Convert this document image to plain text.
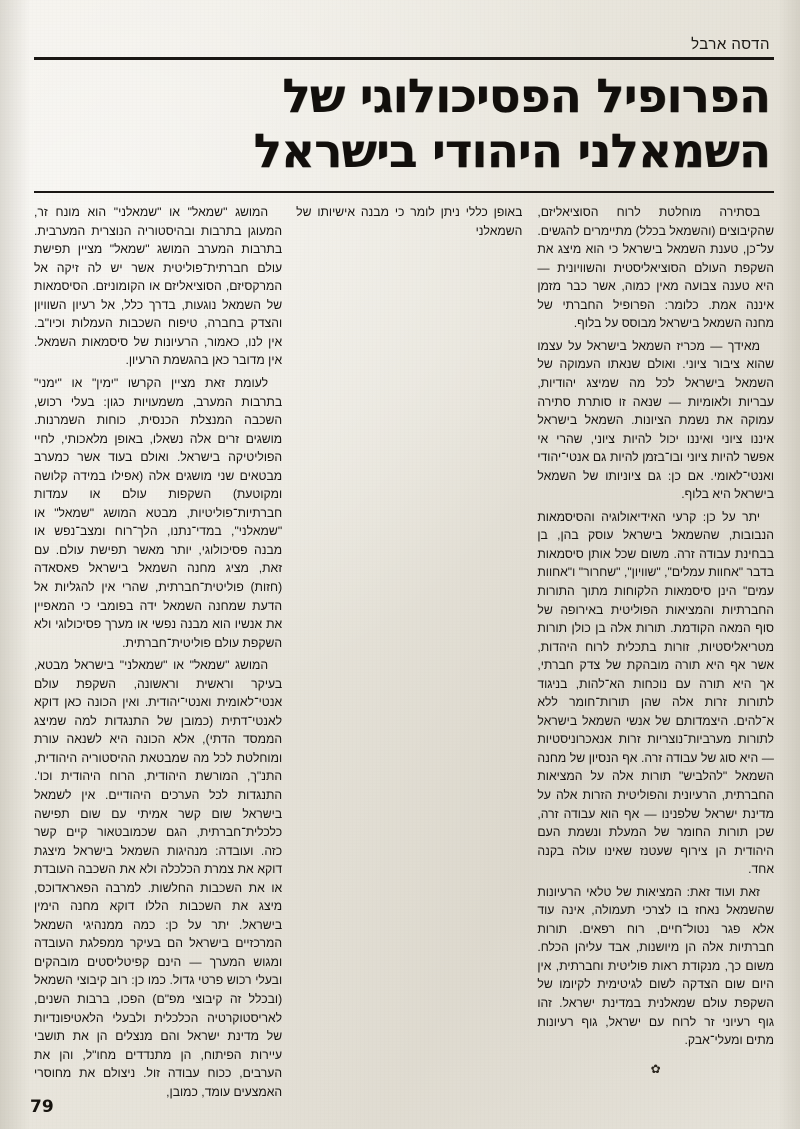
הדסה ארבל
הפרופיל הפסיכולוגי של
השמאלני היהודי בישראל

בסתירה מוחלטת לרוח הסוציאליזם, שהקיבוצים (והשמאל בכלל) מתיימרים להגשים. על־כן, טענת השמאל בישראל כי הוא מיצג את השקפת העולם הסוציאליסטית והשוויונית — היא טענה צבועה מאין כמוה, אשר כבר מזמן איננה אמת. כלומר: הפרופיל החברתי של מחנה השמאל בישראל מבוסס על בלוף.

מאידך — מכריז השמאל בישראל על עצמו שהוא ציבור ציוני. ואולם שנאתו העמוקה של השמאל בישראל לכל מה שמיצג יהודיות, עבריות ולאומיות — שנאה זו סותרת סתירה עמוקה את נשמת הציונות. השמאל בישראל איננו ציוני ואיננו יכול להיות ציוני, שהרי אי אפשר להיות ציוני ובו־בזמן להיות גם אנטי־יהודי ואנטי־לאומי. אם כן: גם ציוניותו של השמאל בישראל היא בלוף.

יתר על כן: קרעי האידיאולוגיה והסיסמאות הנבובות, שהשמאל בישראל עוסק בהן, בן בבחינת עבודה זרה. משום שכל אותן סיסמאות בדבר "אחוות עמלים", "שוויון", "שחרור" ו"אחוות עמים" הינן סיסמאות הלקוחות מתוך התורות החברתיות והמציאות הפוליטית באירופה של סוף המאה הקודמת. תורות אלה בן כולן תורות מטריאליסטיות, זורות בתכלית לרוח היהדות, אשר אף היא תורה מובהקת של צדק חברתי, אך היא תורה עם נוכחות הא־להות, בניגוד לתורות זרות אלה שהן תורות־חומר ללא א־להים. היצמדותם של אנשי השמאל בישראל לתורות מערביות־נוצריות זרות אנאכרוניסטיות — היא סוג של עבודה זרה. אף הנסיון של מחנה השמאל "להלביש" תורות אלה על המציאות החברתית, הרעיונית והפוליטית הזרות אלה על מדינת ישראל שלפנינו — אף הוא עבודה זרה, שכן תורות החומר של המעלת ונשמת העם היהודית הן צירוף שעטנז שאינו עולה בקנה אחד.

זאת ועוד זאת: המציאות של טלאי הרעיונות שהשמאל נאחז בו לצרכי תעמולה, אינה עוד אלא פגר נטול־חיים, רוח רפאים. תורות חברתיות אלה הן מיושנות, אבד עליהן הכלח. משום כך, מנקודת ראות פוליטית וחברתית, אין היום שום הצדקה לשום לגיטימית לקיומו של השקפת עולם שמאלנית במדינת ישראל. זהו גוף רעיוני זר לרוח עם ישראל, גוף רעיונות מתים ומעלי־אבק.

✿

באופן כללי ניתן לומר כי מבנה אישיותו של השמאלני

המושג "שמאל" או "שמאלני" הוא מונח זר, המעוגן בתרבות ובהיסטוריה הנוצרית המערבית. בתרבות המערב המושג "שמאל" מציין תפישת עולם חברתית־פוליטית אשר יש לה זיקה אל המרקסיזם, הסוציאליזם או הקומוניזם. הסיסמאות של השמאל נוגעות, בדרך כלל, אל רעיון השוויון והצדק בחברה, טיפוח השכבות העמלות וכיו"ב. אין לנו, כאמור, הרעיונות של סיסמאות השמאל. אין מדובר כאן בהגשמת הרעיון.

לעומת זאת מציין הקרשו "ימין" או "ימני" בתרבות המערב, משמעויות כגון: בעלי רכוש, השכבה המנצלת הכנסית, כוחות השמרנות. מושגים זרים אלה נשאלו, באופן מלאכותי, לחיי הפוליטיקה בישראל. ואולם בעוד אשר כמערב מבטאים שני מושגים אלה (אפילו במידה קלושה ומקוטעת) השקפות עולם או עמדות חברתיות־פוליטיות, מבטא המושג "שמאל" או "שמאלני", במדי־נתנו, הלך־רוח ומצב־נפש או מבנה פסיכולוגי, יותר מאשר תפישת עולם. עם זאת, מציג מחנה השמאל בישראל פאסאדה (חזות) פוליטית־חברתית, שהרי אין להגליות אל הדעת שמחנה השמאל ידה בפומבי כי המאפיין את אנשיו הוא מבנה נפשי או מערך פסיכולוגי ולא השקפת עולם פוליטית־חברתית.

המושג "שמאל" או "שמאלני" בישראל מבטא, בעיקר וראשית וראשונה, השקפת עולם אנטי־לאומית ואנטי־יהודית. ואין הכונה כאן דוקא לאנטי־דתית (כמובן של התנגדות למה שמיצג הממסד הדתי), אלא הכונה היא לשנאה עורת ומוחלטת לכל מה שמבטאת ההיסטוריה היהודית, התנ"ך, המורשת היהודית, הרוח היהודית וכו'. התנגדות לכל הערכים היהודיים. אין לשמאל בישראל שום קשר אמיתי עם שום תפישה כלכלית־חברתית, הגם שכמובטאור קיים קשר כזה. ועובדה: מנהיגות השמאל בישראל מיצגת דוקא את צמרת הכלכלה ולא את השכבה העובדת או את השכבות החלשות. למרבה הפאראדוכס, מיצג את השכבות הללו דוקא מחנה הימין בישראל. יתר על כן: כמה ממנהיגי השמאל המרכזיים בישראל הם בעיקר ממפלגת העובדה ומגוש המערך — הינם קפיטליסטים מובהקים ובעלי רכוש פרטי גדול. כמו כן: רוב קיבוצי השמאל (ובכלל זה קיבוצי מפ"ם) הפכו, ברבות השנים, לאריסטוקרטיה הכלכלית ולבעלי הלאטיפונדיות של מדינת ישראל והם מנצלים הן את תושבי עיירות הפיתוח, הן מתנדדים מחו"ל, והן את הערבים, ככוח עבודה זול. ניצולם את מחוסרי האמצעים עומד, כמובן,

79
